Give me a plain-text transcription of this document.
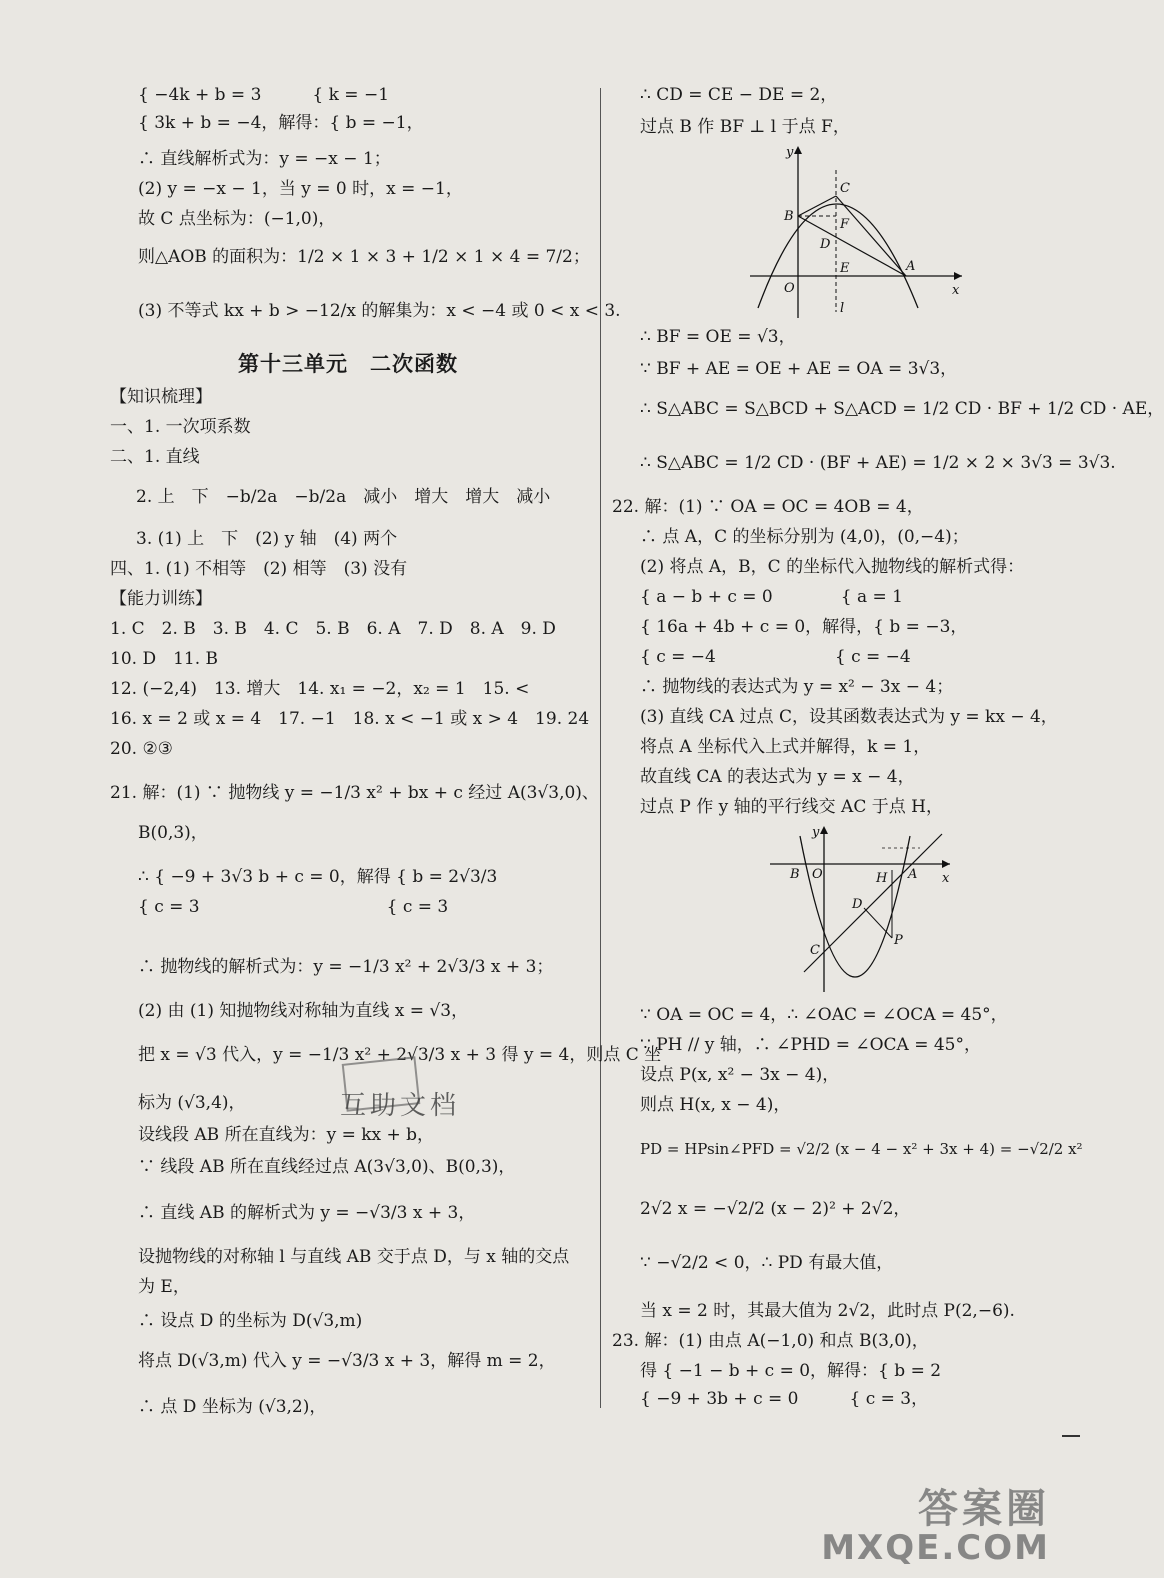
{ −4k + b = 3　　　{ k = −1
{ 3k + b = −4，解得：{ b = −1，
∴ 直线解析式为：y = −x − 1；
(2) y = −x − 1，当 y = 0 时，x = −1，
故 C 点坐标为：(−1,0)，
则△AOB 的面积为：1/2 × 1 × 3 + 1/2 × 1 × 4 = 7/2；
(3) 不等式 kx + b > −12/x 的解集为：x < −4 或 0 < x < 3.
第十三单元　二次函数
【知识梳理】
一、1. 一次项系数
二、1. 直线
2. 上　下　−b/2a　−b/2a　减小　增大　增大　减小
3. (1) 上　下　(2) y 轴　(4) 两个
四、1. (1) 不相等　(2) 相等　(3) 没有
【能力训练】
1. C　2. B　3. B　4. C　5. B　6. A　7. D　8. A　9. D
10. D　11. B
12. (−2,4)　13. 增大　14. x₁ = −2，x₂ = 1　15. <
16. x = 2 或 x = 4　17. −1　18. x < −1 或 x > 4　19. 24
20. ②③
21. 解：(1) ∵ 抛物线 y = −1/3 x² + bx + c 经过 A(3√3,0)、
B(0,3)，
∴ { −9 + 3√3 b + c = 0，解得 { b = 2√3/3
{ c = 3　　　　　　　　　　　{ c = 3
∴ 抛物线的解析式为：y = −1/3 x² + 2√3/3 x + 3；
(2) 由 (1) 知抛物线对称轴为直线 x = √3，
把 x = √3 代入，y = −1/3 x² + 2√3/3 x + 3 得 y = 4，则点 C 坐
标为 (√3,4)，
设线段 AB 所在直线为：y = kx + b，
∵ 线段 AB 所在直线经过点 A(3√3,0)、B(0,3)，
∴ 直线 AB 的解析式为 y = −√3/3 x + 3，
设抛物线的对称轴 l 与直线 AB 交于点 D，与 x 轴的交点
为 E，
∴ 设点 D 的坐标为 D(√3,m)
将点 D(√3,m) 代入 y = −√3/3 x + 3，解得 m = 2，
∴ 点 D 坐标为 (√3,2)，
∴ CD = CE − DE = 2，
过点 B 作 BF ⊥ l 于点 F，
y
x
O
l
B
C
F
D
E	A
∴ BF = OE = √3，
∵ BF + AE = OE + AE = OA = 3√3，
∴ S△ABC = S△BCD + S△ACD = 1/2 CD · BF + 1/2 CD · AE，
∴ S△ABC = 1/2 CD · (BF + AE) = 1/2 × 2 × 3√3 = 3√3.
22. 解：(1) ∵ OA = OC = 4OB = 4，
∴ 点 A，C 的坐标分别为 (4,0)，(0,−4)；
(2) 将点 A，B，C 的坐标代入抛物线的解析式得：
{ a − b + c = 0　　　　{ a = 1
{ 16a + 4b + c = 0，解得，{ b = −3，
{ c = −4　　　　　　　{ c = −4
∴ 抛物线的表达式为 y = x² − 3x − 4；
(3) 直线 CA 过点 C，设其函数表达式为 y = kx − 4，
将点 A 坐标代入上式并解得，k = 1，
故直线 CA 的表达式为 y = x − 4，
过点 P 作 y 轴的平行线交 AC 于点 H，
y
x
O
B	H A
D
P
C
∵ OA = OC = 4，∴ ∠OAC = ∠OCA = 45°，
∵ PH // y 轴，∴ ∠PHD = ∠OCA = 45°，
设点 P(x, x² − 3x − 4)，
则点 H(x, x − 4)，
PD = HPsin∠PFD = √2/2 (x − 4 − x² + 3x + 4) = −√2/2 x²
2√2 x = −√2/2 (x − 2)² + 2√2，
∵ −√2/2 < 0，∴ PD 有最大值，
当 x = 2 时，其最大值为 2√2，此时点 P(2,−6).
23. 解：(1) 由点 A(−1,0) 和点 B(3,0)，
得 { −1 − b + c = 0，解得：{ b = 2
{ −9 + 3b + c = 0　　　{ c = 3，
互助文档
答案圈
MXQE.COM
